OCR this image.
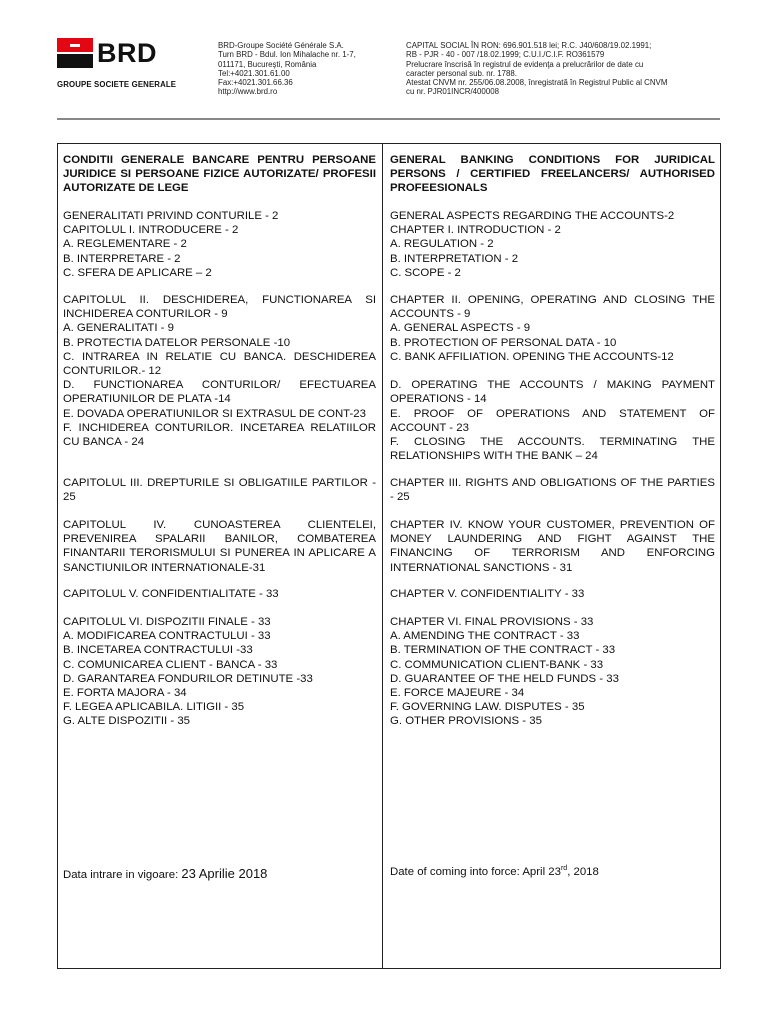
BRD
GROUPE SOCIETE GENERALE
BRD-Groupe Société Générale S.A.
Turn BRD - Bdul. Ion Mihalache nr. 1-7,
011171, Bucureşti, România
Tel:+4021.301.61.00
Fax:+4021.301.66.36
http://www.brd.ro
CAPITAL SOCIAL ÎN RON: 696.901.518 lei; R.C. J40/608/19.02.1991;
RB - PJR - 40 - 007 /18.02.1999; C.U.I./C.I.F. RO361579
Prelucrare înscrisă în registrul de evidenţa a prelucrărilor de date cu
caracter personal sub. nr. 1788.
Atestat CNVM nr. 255/06.08.2008, înregistrată în Registrul Public al CNVM
cu nr. PJR01INCR/400008

CONDITII GENERALE BANCARE PENTRU PERSOANE JURIDICE SI PERSOANE FIZICE AUTORIZATE/ PROFESII AUTORIZATE DE LEGE

GENERALITATI PRIVIND CONTURILE - 2
CAPITOLUL I. INTRODUCERE - 2
A. REGLEMENTARE - 2
B. INTERPRETARE - 2
C. SFERA DE APLICARE – 2

CAPITOLUL II. DESCHIDEREA, FUNCTIONAREA SI INCHIDEREA CONTURILOR - 9

A. GENERALITATI - 9
B. PROTECTIA DATELOR PERSONALE -10

C. INTRAREA IN RELATIE CU BANCA. DESCHIDEREA CONTURILOR.- 12

D. FUNCTIONAREA CONTURILOR/ EFECTUAREA OPERATIUNILOR DE PLATA -14

E. DOVADA OPERATIUNILOR SI EXTRASUL DE CONT-23

F. INCHIDEREA CONTURILOR. INCETAREA RELATIILOR CU BANCA - 24

CAPITOLUL III. DREPTURILE SI OBLIGATIILE PARTILOR - 25

CAPITOLUL IV. CUNOASTEREA CLIENTELEI, PREVENIREA SPALARII BANILOR, COMBATEREA FINANTARII TERORISMULUI SI PUNEREA IN APLICARE A SANCTIUNILOR INTERNATIONALE-31

CAPITOLUL V. CONFIDENTIALITATE - 33
CAPITOLUL VI. DISPOZITII FINALE - 33
A. MODIFICAREA CONTRACTULUI - 33
B. INCETAREA CONTRACTULUI -33
C. COMUNICAREA CLIENT - BANCA - 33
D. GARANTAREA FONDURILOR DETINUTE -33
E. FORTA MAJORA - 34
F. LEGEA APLICABILA. LITIGII - 35
G. ALTE DISPOZITII - 35
Data intrare in vigoare: 23 Aprilie 2018

GENERAL BANKING CONDITIONS FOR JURIDICAL PERSONS / CERTIFIED FREELANCERS/ AUTHORISED PROFEESIONALS

GENERAL ASPECTS REGARDING THE ACCOUNTS-2
CHAPTER I. INTRODUCTION - 2
A. REGULATION - 2
B. INTERPRETATION - 2
C. SCOPE - 2

CHAPTER II. OPENING, OPERATING AND CLOSING THE ACCOUNTS - 9

A. GENERAL ASPECTS - 9
B. PROTECTION OF PERSONAL DATA - 10
C. BANK AFFILIATION. OPENING THE ACCOUNTS-12

D. OPERATING THE ACCOUNTS / MAKING PAYMENT OPERATIONS - 14

E. PROOF OF OPERATIONS AND STATEMENT OF ACCOUNT - 23

F. CLOSING THE ACCOUNTS. TERMINATING THE RELATIONSHIPS WITH THE BANK – 24

CHAPTER III. RIGHTS AND OBLIGATIONS OF THE PARTIES - 25

CHAPTER IV. KNOW YOUR CUSTOMER, PREVENTION OF MONEY LAUNDERING AND FIGHT AGAINST THE FINANCING OF TERRORISM AND ENFORCING INTERNATIONAL SANCTIONS - 31

CHAPTER V. CONFIDENTIALITY - 33
CHAPTER VI. FINAL PROVISIONS - 33
A. AMENDING THE CONTRACT - 33
B. TERMINATION OF THE CONTRACT - 33
C. COMMUNICATION CLIENT-BANK - 33
D. GUARANTEE OF THE HELD FUNDS - 33
E. FORCE MAJEURE - 34
F. GOVERNING LAW. DISPUTES - 35
G. OTHER PROVISIONS - 35
Date of coming into force: April 23rd, 2018
